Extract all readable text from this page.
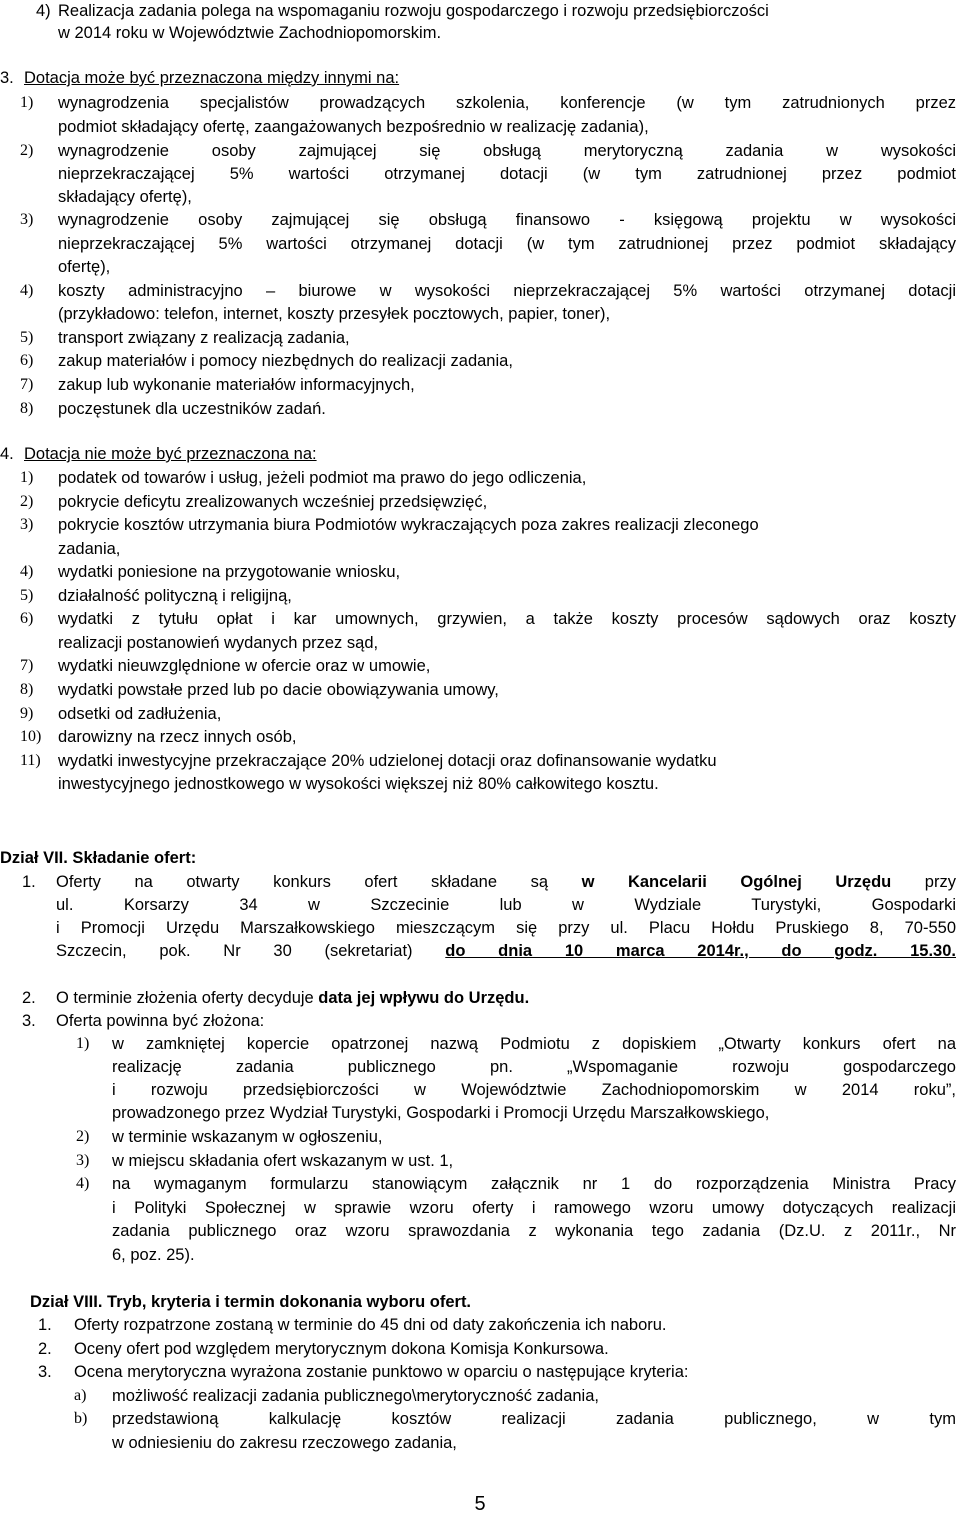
4) Realizacja zadania polega na wspomaganiu rozwoju gospodarczego i rozwoju przedsiębiorczości
w 2014 roku w Województwie Zachodniopomorskim.
3. Dotacja może być przeznaczona między innymi na:
1) wynagrodzenia specjalistów prowadzących szkolenia, konferencje (w tym zatrudnionych przez
podmiot składający ofertę, zaangażowanych bezpośrednio w realizację zadania),
2) wynagrodzenie osoby zajmującej się obsługą merytoryczną zadania w wysokości
nieprzekraczającej 5% wartości otrzymanej dotacji (w tym zatrudnionej przez podmiot
składający ofertę),
3) wynagrodzenie osoby zajmującej się obsługą finansowo - księgową projektu w wysokości
nieprzekraczającej 5% wartości otrzymanej dotacji (w tym zatrudnionej przez podmiot składający
ofertę),
4) koszty administracyjno – biurowe w wysokości nieprzekraczającej 5% wartości otrzymanej dotacji
(przykładowo: telefon, internet, koszty przesyłek pocztowych, papier, toner),
5) transport związany z realizacją zadania,
6) zakup materiałów i pomocy niezbędnych do realizacji zadania,
7) zakup lub wykonanie materiałów informacyjnych,
8) poczęstunek dla uczestników zadań.
4. Dotacja nie może być przeznaczona na:
1) podatek od towarów i usług, jeżeli podmiot ma prawo do jego odliczenia,
2) pokrycie deficytu zrealizowanych wcześniej przedsięwzięć,
3) pokrycie kosztów utrzymania biura Podmiotów wykraczających poza zakres realizacji zleconego
zadania,
4) wydatki poniesione na przygotowanie wniosku,
5) działalność polityczną i religijną,
6) wydatki z tytułu opłat i kar umownych, grzywien, a także koszty procesów sądowych oraz koszty
realizacji postanowień wydanych przez sąd,
7) wydatki nieuwzględnione w ofercie oraz w umowie,
8) wydatki powstałe przed lub po dacie obowiązywania umowy,
9) odsetki od zadłużenia,
10) darowizny na rzecz innych osób,
11) wydatki inwestycyjne przekraczające 20% udzielonej dotacji oraz dofinansowanie wydatku
inwestycyjnego jednostkowego w wysokości większej niż 80% całkowitego kosztu.
Dział VII. Składanie ofert:
1. Oferty na otwarty konkurs ofert składane są w Kancelarii Ogólnej Urzędu przy
ul. Korsarzy 34 w Szczecinie lub w Wydziale Turystyki, Gospodarki
i Promocji Urzędu Marszałkowskiego mieszczącym się przy ul. Placu Hołdu Pruskiego 8, 70-550
Szczecin, pok. Nr 30 (sekretariat) do dnia 10 marca 2014r., do godz. 15.30.
2. O terminie złożenia oferty decyduje data jej wpływu do Urzędu.
3. Oferta powinna być złożona:
1) w zamkniętej kopercie opatrzonej nazwą Podmiotu z dopiskiem „Otwarty konkurs ofert na
realizację zadania publicznego pn. „Wspomaganie rozwoju gospodarczego
i rozwoju przedsiębiorczości w Województwie Zachodniopomorskim w 2014 roku”,
prowadzonego przez Wydział Turystyki, Gospodarki i Promocji Urzędu Marszałkowskiego,
2) w terminie wskazanym w ogłoszeniu,
3) w miejscu składania ofert wskazanym w ust. 1,
4) na wymaganym formularzu stanowiącym załącznik nr 1 do rozporządzenia Ministra Pracy
i Polityki Społecznej w sprawie wzoru oferty i ramowego wzoru umowy dotyczących realizacji
zadania publicznego oraz wzoru sprawozdania z wykonania tego zadania (Dz.U. z 2011r., Nr
6, poz. 25).
Dział VIII. Tryb, kryteria i termin dokonania wyboru ofert.
1. Oferty rozpatrzone zostaną w terminie do 45 dni od daty zakończenia ich naboru.
2. Oceny ofert pod względem merytorycznym dokona Komisja Konkursowa.
3. Ocena merytoryczna wyrażona zostanie punktowo w oparciu o następujące kryteria:
a) możliwość realizacji zadania publicznego\merytoryczność zadania,
b) przedstawioną kalkulację kosztów realizacji zadania publicznego, w tym
w odniesieniu do zakresu rzeczowego zadania,
5
